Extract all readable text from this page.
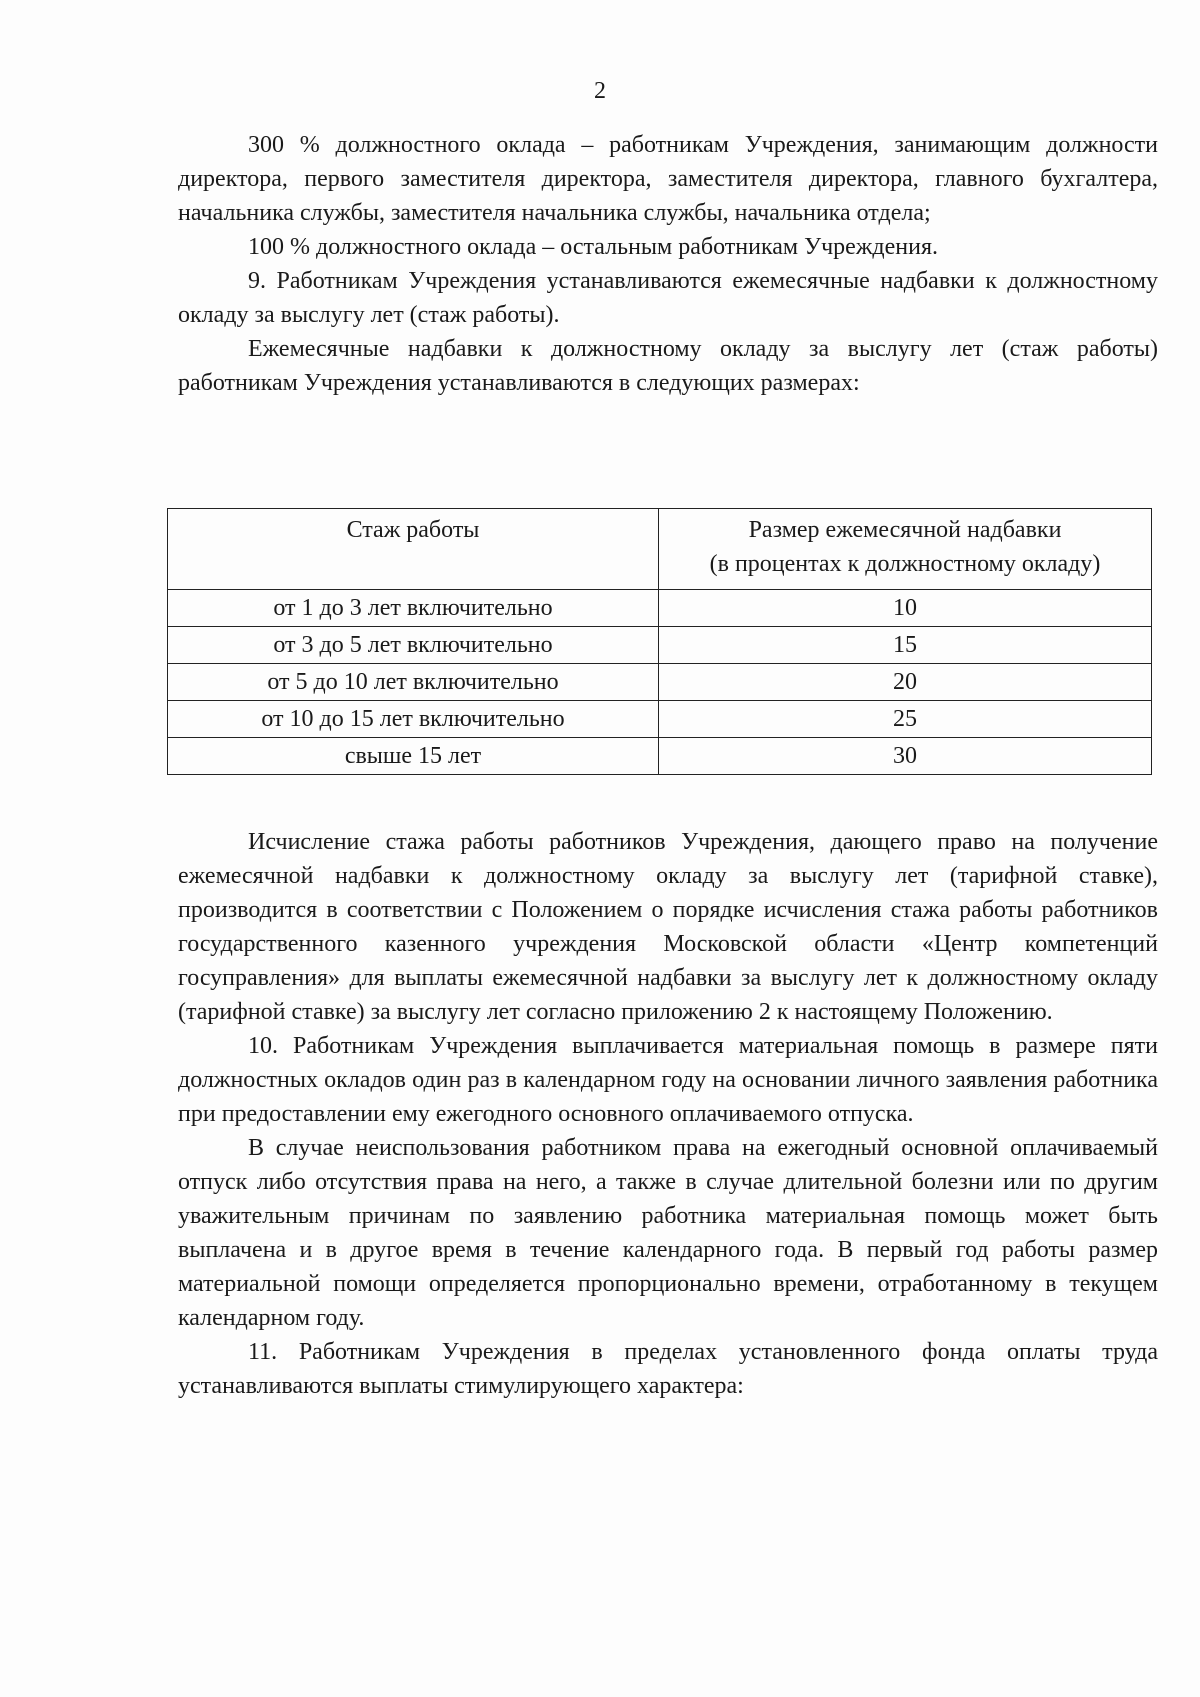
2

300 % должностного оклада – работникам Учреждения, занимающим должности директора, первого заместителя директора, заместителя директора, главного бухгалтера, начальника службы, заместителя начальника службы, начальника отдела;

100 % должностного оклада – остальным работникам Учреждения.

9. Работникам Учреждения устанавливаются ежемесячные надбавки к должностному окладу за выслугу лет (стаж работы).

Ежемесячные надбавки к должностному окладу за выслугу лет (стаж работы) работникам Учреждения устанавливаются в следующих размерах:

Стаж работы	Размер ежемесячной надбавки
(в процентах к должностному окладу)

от 1 до 3 лет включительно	10
от 3 до 5 лет включительно	15
от 5 до 10 лет включительно	20
от 10 до 15 лет включительно	25
свыше 15 лет	30

Исчисление стажа работы работников Учреждения, дающего право на получение ежемесячной надбавки к должностному окладу за выслугу лет (тарифной ставке), производится в соответствии с Положением о порядке исчисления стажа работы работников государственного казенного учреждения Московской области «Центр компетенций госуправления» для выплаты ежемесячной надбавки за выслугу лет к должностному окладу (тарифной ставке) за выслугу лет согласно приложению 2 к настоящему Положению.

10. Работникам Учреждения выплачивается материальная помощь в размере пяти должностных окладов один раз в календарном году на основании личного заявления работника при предоставлении ему ежегодного основного оплачиваемого отпуска.

В случае неиспользования работником права на ежегодный основной оплачиваемый отпуск либо отсутствия права на него, а также в случае длительной болезни или по другим уважительным причинам по заявлению работника материальная помощь может быть выплачена и в другое время в течение календарного года. В первый год работы размер материальной помощи определяется пропорционально времени, отработанному в текущем календарном году.

11. Работникам Учреждения в пределах установленного фонда оплаты труда устанавливаются выплаты стимулирующего характера:
